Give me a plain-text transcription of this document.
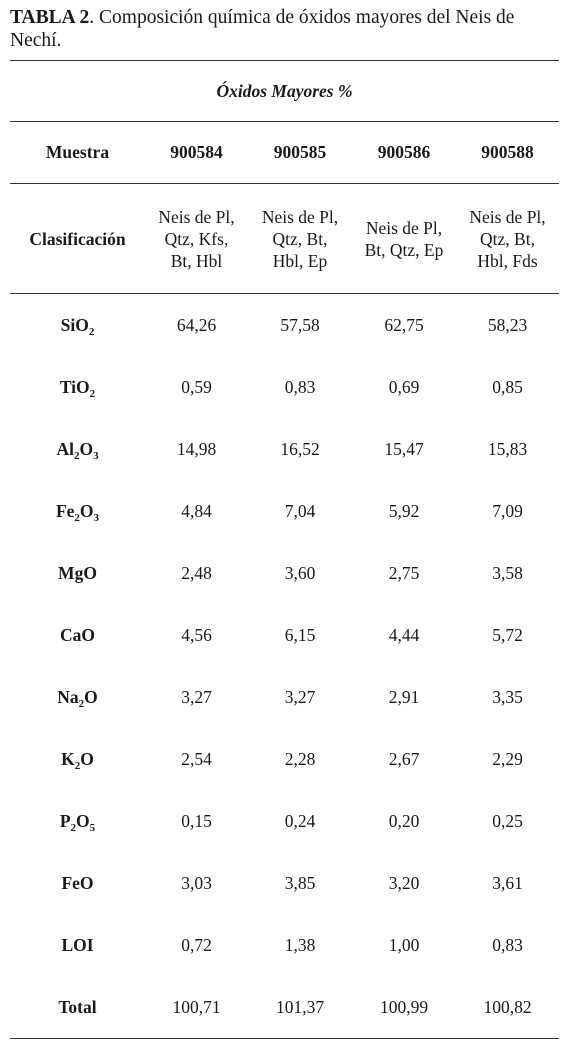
TABLA 2. Composición química de óxidos mayores del Neis de Nechí.
Óxidos Mayores %				
Muestra	900584	900585	900586	900588
Clasificación	Neis de Pl,
Qtz, Kfs,
Bt, Hbl	Neis de Pl,
Qtz, Bt,
Hbl, Ep	Neis de Pl,
Bt, Qtz, Ep	Neis de Pl,
Qtz, Bt,
Hbl, Fds
SiO$_2$	64,26	57,58	62,75	58,23
TiO$_2$	0,59	0,83	0,69	0,85
$Al_2O_3$	14,98	16,52	15,47	15,83
$Fe_2O_3$	4,84	7,04	5,92	7,09
MgO	2,48	3,60	2,75	3,58
CaO	4,56	6,15	4,44	5,72
$Na_2O$	3,27	3,27	2,91	3,35
$K_2O$	2,54	2,28	2,67	2,29
$P_2O_5$	0,15	0,24	0,20	0,25
FeO	3,03	3,85	3,20	3,61
LOI	0,72	1,38	1,00	0,83
Total	100,71	101,37	100,99	100,82
